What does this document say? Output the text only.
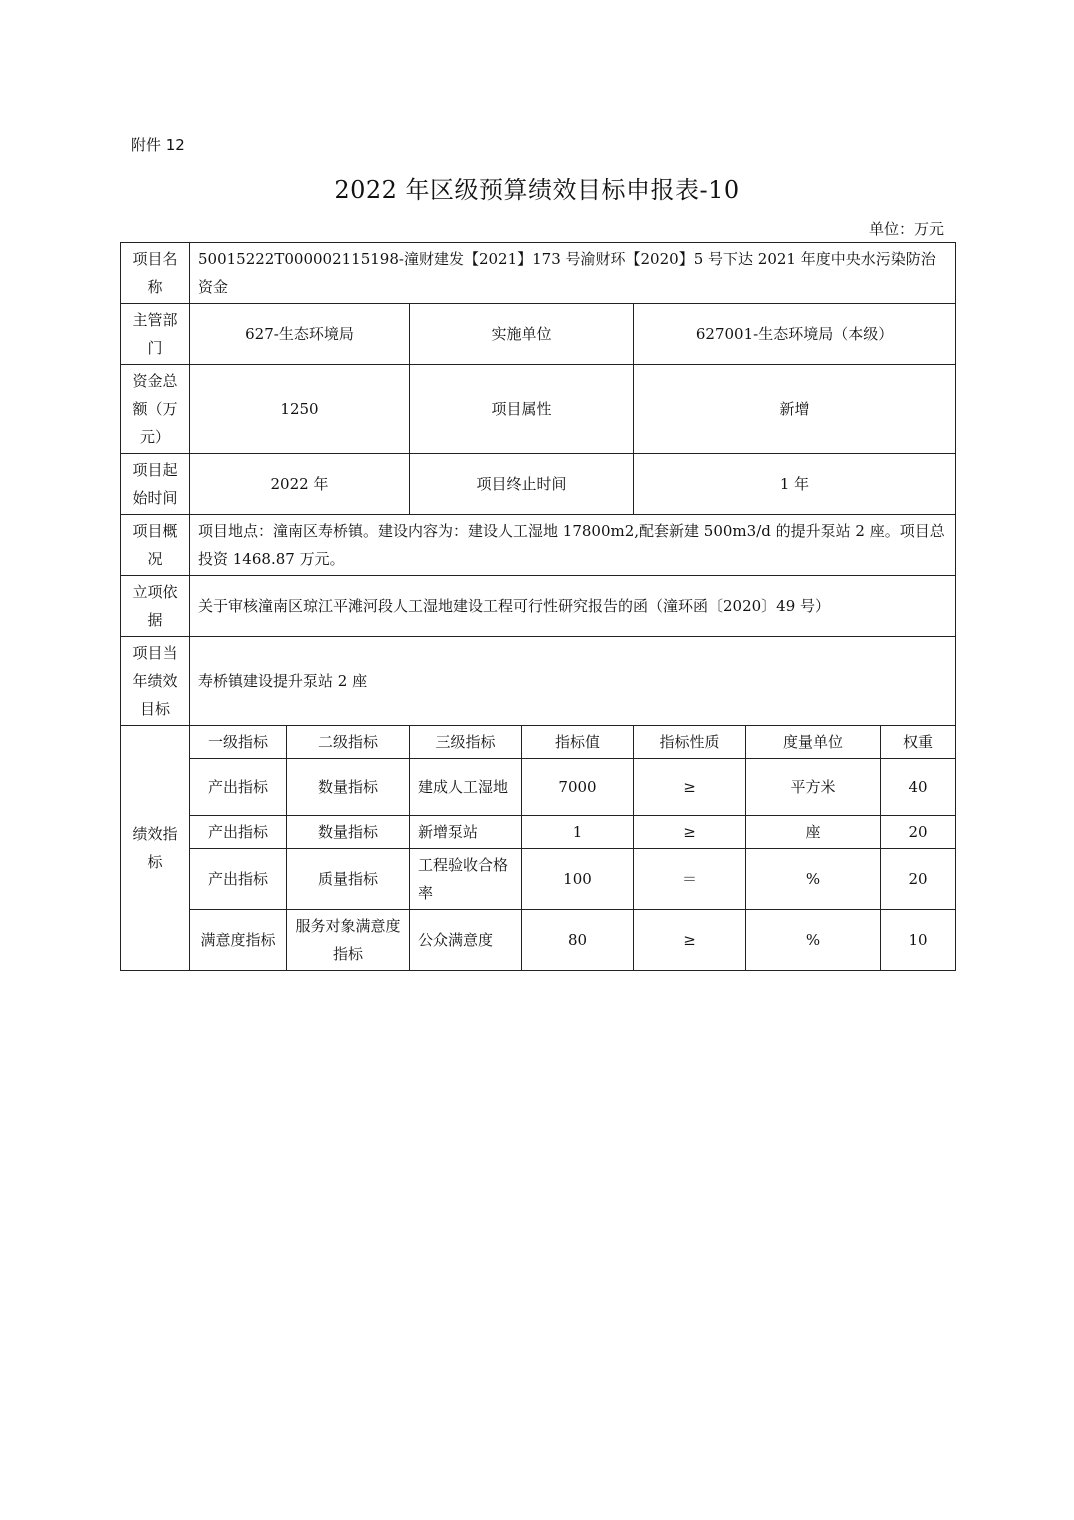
附件 12
2022 年区级预算绩效目标申报表-10
单位：万元
项目名称	50015222T000002115198-潼财建发【2021】173 号渝财环【2020】5 号下达 2021 年度中央水污染防治资金						
主管部门	627-生态环境局		实施单位		627001-生态环境局（本级）		
资金总额（万元）	1250		项目属性		新增		
项目起始时间	2022 年		项目终止时间		1 年		
项目概况	项目地点：潼南区寿桥镇。建设内容为：建设人工湿地 17800m2,配套新建 500m3/d 的提升泵站 2 座。项目总投资 1468.87 万元。						
立项依据	关于审核潼南区琼江平滩河段人工湿地建设工程可行性研究报告的函（潼环函〔2020〕49 号）						
项目当年绩效目标	寿桥镇建设提升泵站 2 座						
绩效指标	一级指标	二级指标	三级指标	指标值	指标性质	度量单位	权重
	产出指标	数量指标	建成人工湿地	7000	≥	平方米	40
	产出指标	数量指标	新增泵站	1	≥	座	20
	产出指标	质量指标	工程验收合格率	100	＝	%	20
	满意度指标	服务对象满意度指标	公众满意度	80	≥	%	10
